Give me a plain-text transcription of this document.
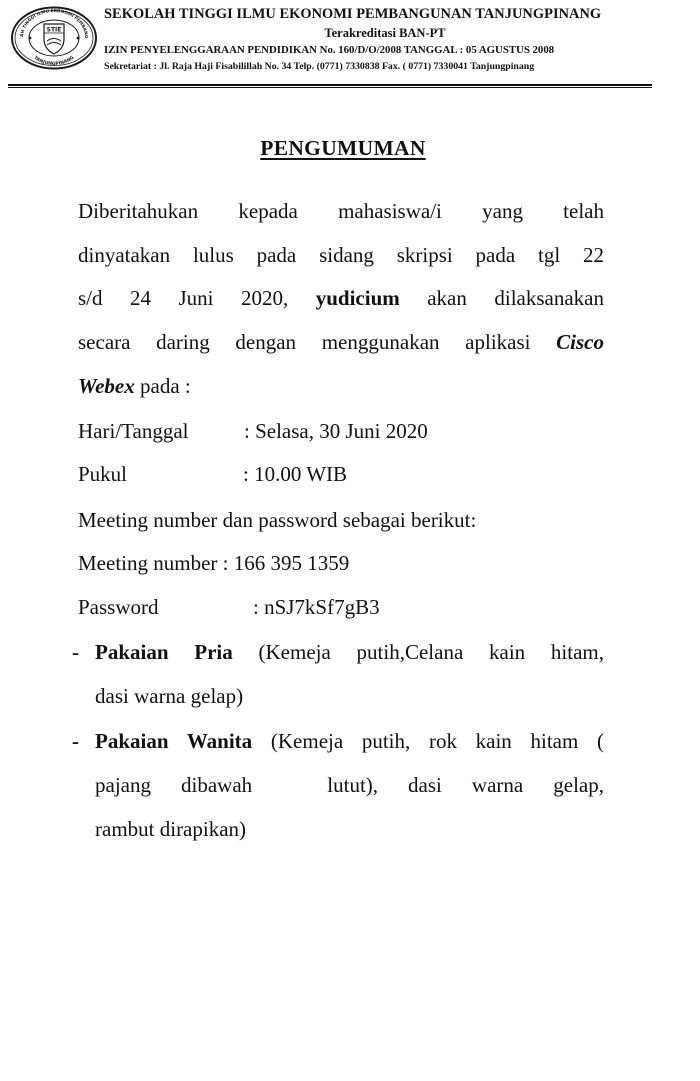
AH TINGGI ILMU EKONOMI PEMBANG
TANJUNGPINANG
STIE
SEKOLAH TINGGI ILMU EKONOMI PEMBANGUNAN TANJUNGPINANG
Terakreditasi BAN-PT
IZIN PENYELENGGARAAN PENDIDIKAN No. 160/D/O/2008 TANGGAL : 05 AGUSTUS 2008
Sekretariat : Jl. Raja Haji Fisabilillah No. 34 Telp. (0771) 7330838 Fax. ( 0771) 7330041 Tanjungpinang
PENGUMUMAN
Diberitahukan kepada mahasiswa/i yang telah
dinyatakan lulus pada sidang skripsi pada tgl 22
s/d 24 Juni 2020, yudicium akan dilaksanakan
secara daring dengan menggunakan aplikasi Cisco
Webex pada :
Hari/Tanggal	: Selasa, 30 Juni 2020
Pukul	: 10.00 WIB
Meeting number dan password sebagai berikut:
Meeting number : 166 395 1359
Password	: nSJ7kSf7gB3
- Pakaian Pria (Kemeja putih,Celana kain hitam,
dasi warna gelap)
- Pakaian Wanita (Kemeja putih, rok kain hitam (
pajang  dibawah     lutut),  dasi  warna  gelap,
rambut dirapikan)
